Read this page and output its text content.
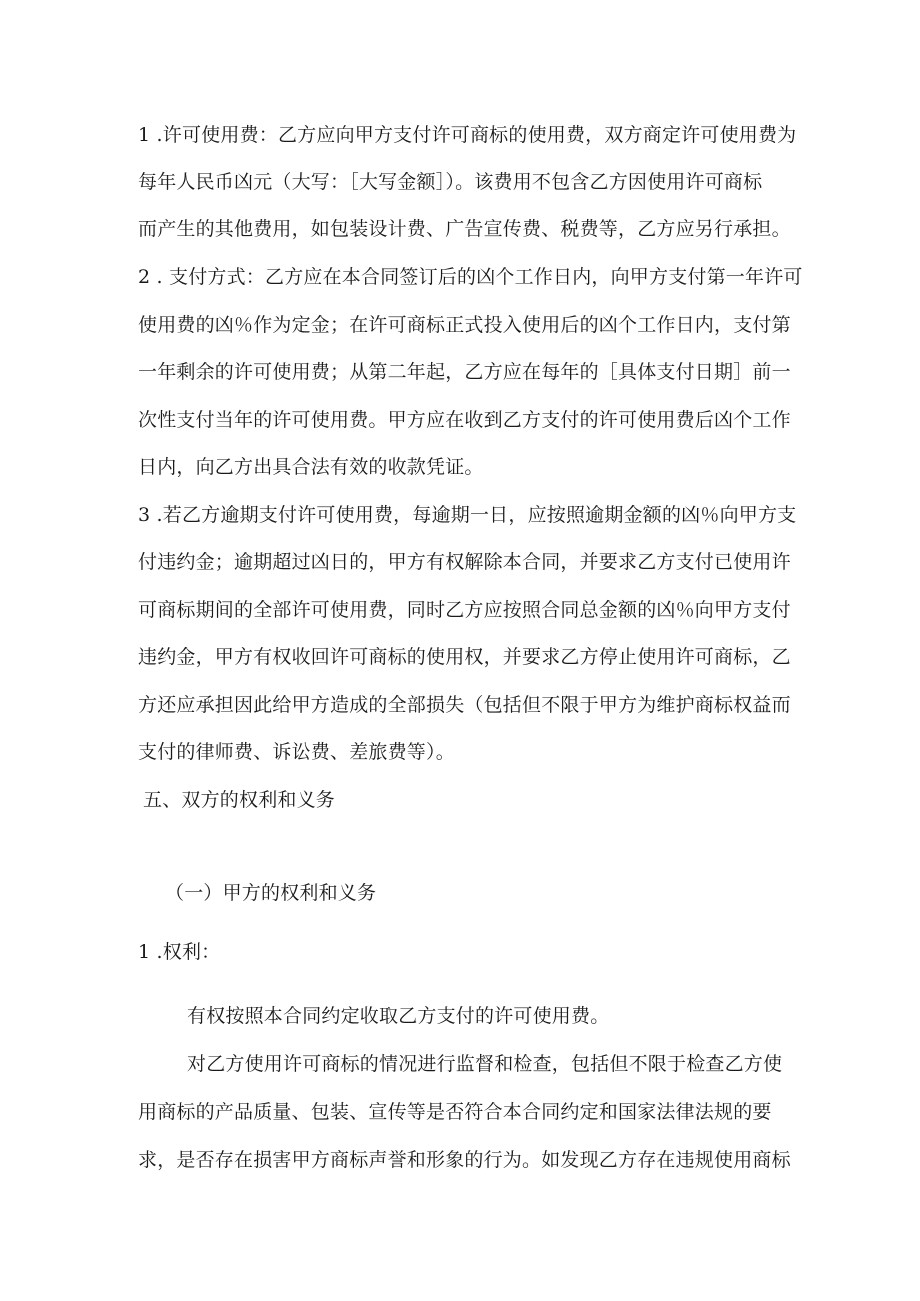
1 .许可使用费：乙方应向甲方支付许可商标的使用费，双方商定许可使用费为
每年人民币凶元（大写：［大写金额］）。该费用不包含乙方因使用许可商标
而产生的其他费用，如包装设计费、广告宣传费、税费等，乙方应另行承担。
2 . 支付方式：乙方应在本合同签订后的凶个工作日内，向甲方支付第一年许可
使用费的凶％作为定金；在许可商标正式投入使用后的凶个工作日内，支付第
一年剩余的许可使用费；从第二年起，乙方应在每年的［具体支付日期］前一
次性支付当年的许可使用费。甲方应在收到乙方支付的许可使用费后凶个工作
日内，向乙方出具合法有效的收款凭证。
3 .若乙方逾期支付许可使用费，每逾期一日，应按照逾期金额的凶％向甲方支
付违约金；逾期超过凶日的，甲方有权解除本合同，并要求乙方支付已使用许
可商标期间的全部许可使用费，同时乙方应按照合同总金额的凶％向甲方支付
违约金，甲方有权收回许可商标的使用权，并要求乙方停止使用许可商标，乙
方还应承担因此给甲方造成的全部损失（包括但不限于甲方为维护商标权益而
支付的律师费、诉讼费、差旅费等）。
五、双方的权利和义务
（一）甲方的权利和义务
1 .权利：
有权按照本合同约定收取乙方支付的许可使用费。
对乙方使用许可商标的情况进行监督和检查，包括但不限于检查乙方使
用商标的产品质量、包装、宣传等是否符合本合同约定和国家法律法规的要
求，是否存在损害甲方商标声誉和形象的行为。如发现乙方存在违规使用商标
